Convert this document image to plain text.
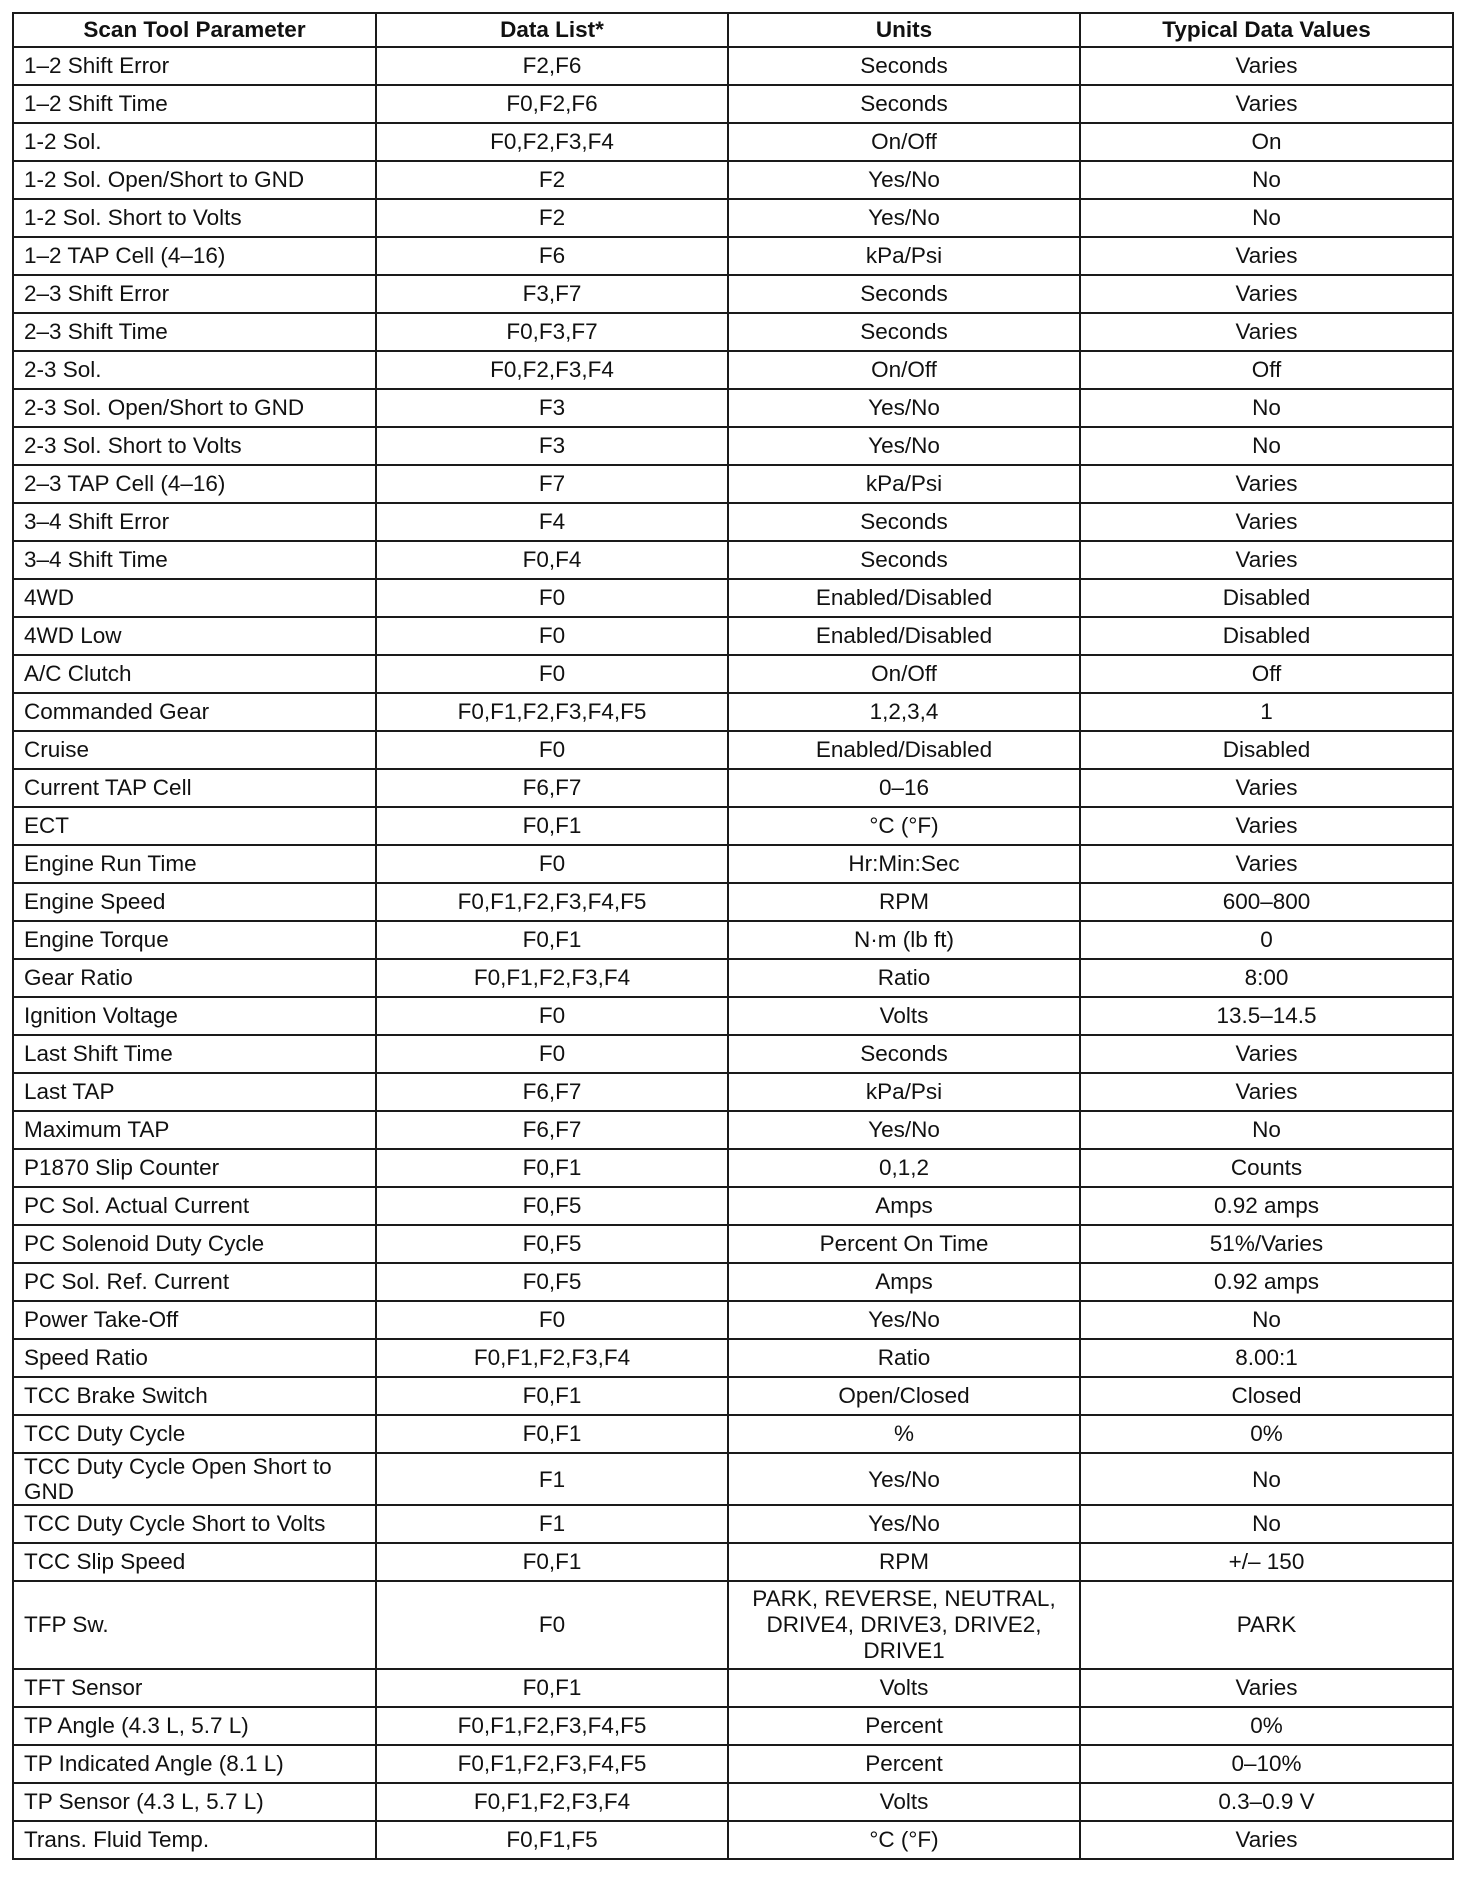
Scan Tool Parameter	Data List*	Units	Typical Data Values
1–2 Shift Error	F2,F6	Seconds	Varies
1–2 Shift Time	F0,F2,F6	Seconds	Varies
1-2 Sol.	F0,F2,F3,F4	On/Off	On
1-2 Sol. Open/Short to GND	F2	Yes/No	No
1-2 Sol. Short to Volts	F2	Yes/No	No
1–2 TAP Cell (4–16)	F6	kPa/Psi	Varies
2–3 Shift Error	F3,F7	Seconds	Varies
2–3 Shift Time	F0,F3,F7	Seconds	Varies
2-3 Sol.	F0,F2,F3,F4	On/Off	Off
2-3 Sol. Open/Short to GND	F3	Yes/No	No
2-3 Sol. Short to Volts	F3	Yes/No	No
2–3 TAP Cell (4–16)	F7	kPa/Psi	Varies
3–4 Shift Error	F4	Seconds	Varies
3–4 Shift Time	F0,F4	Seconds	Varies
4WD	F0	Enabled/Disabled	Disabled
4WD Low	F0	Enabled/Disabled	Disabled
A/C Clutch	F0	On/Off	Off
Commanded Gear	F0,F1,F2,F3,F4,F5	1,2,3,4	1
Cruise	F0	Enabled/Disabled	Disabled
Current TAP Cell	F6,F7	0–16	Varies
ECT	F0,F1	°C (°F)	Varies
Engine Run Time	F0	Hr:Min:Sec	Varies
Engine Speed	F0,F1,F2,F3,F4,F5	RPM	600–800
Engine Torque	F0,F1	N·m (lb ft)	0
Gear Ratio	F0,F1,F2,F3,F4	Ratio	8:00
Ignition Voltage	F0	Volts	13.5–14.5
Last Shift Time	F0	Seconds	Varies
Last TAP	F6,F7	kPa/Psi	Varies
Maximum TAP	F6,F7	Yes/No	No
P1870 Slip Counter	F0,F1	0,1,2	Counts
PC Sol. Actual Current	F0,F5	Amps	0.92 amps
PC Solenoid Duty Cycle	F0,F5	Percent On Time	51%/Varies
PC Sol. Ref. Current	F0,F5	Amps	0.92 amps
Power Take-Off	F0	Yes/No	No
Speed Ratio	F0,F1,F2,F3,F4	Ratio	8.00:1
TCC Brake Switch	F0,F1	Open/Closed	Closed
TCC Duty Cycle	F0,F1	%	0%
TCC Duty Cycle Open Short to GND	F1	Yes/No	No
TCC Duty Cycle Short to Volts	F1	Yes/No	No
TCC Slip Speed	F0,F1	RPM	+/– 150
TFP Sw.	F0	PARK, REVERSE, NEUTRAL, DRIVE4, DRIVE3, DRIVE2, DRIVE1	PARK
TFT Sensor	F0,F1	Volts	Varies
TP Angle (4.3 L, 5.7 L)	F0,F1,F2,F3,F4,F5	Percent	0%
TP Indicated Angle (8.1 L)	F0,F1,F2,F3,F4,F5	Percent	0–10%
TP Sensor (4.3 L, 5.7 L)	F0,F1,F2,F3,F4	Volts	0.3–0.9 V
Trans. Fluid Temp.	F0,F1,F5	°C (°F)	Varies
